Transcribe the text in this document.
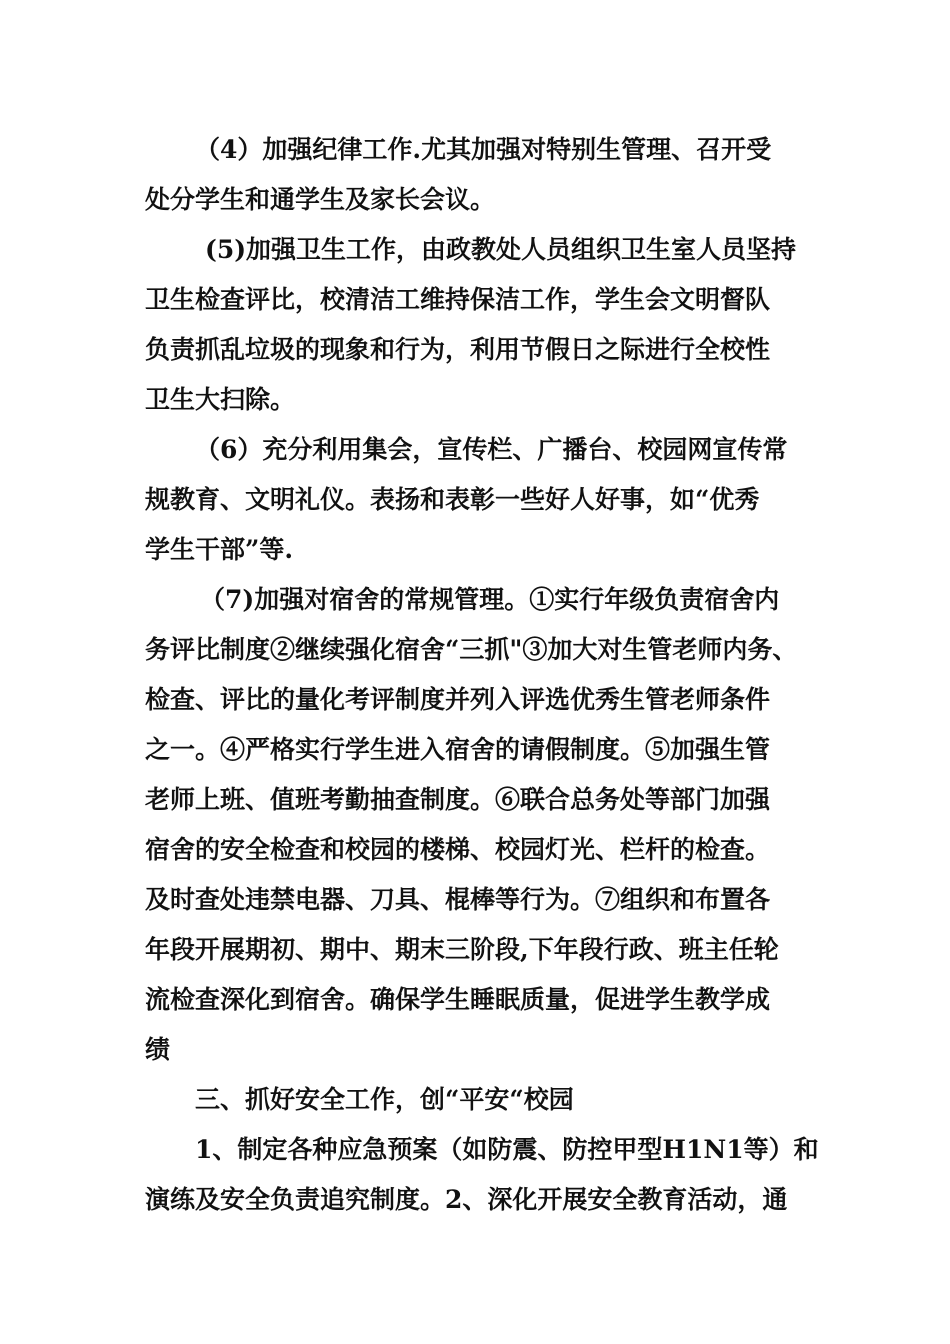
（4）加强纪律工作.尤其加强对特别生管理、召开受
处分学生和通学生及家长会议。
(5)加强卫生工作，由政教处人员组织卫生室人员坚持
卫生检查评比，校清洁工维持保洁工作，学生会文明督队
负责抓乱垃圾的现象和行为，利用节假日之际进行全校性
卫生大扫除。
（6）充分利用集会，宣传栏、广播台、校园网宣传常
规教育、文明礼仪。表扬和表彰一些好人好事，如“优秀
学生干部”等.
（7)加强对宿舍的常规管理。①实行年级负责宿舍内
务评比制度②继续强化宿舍“三抓"③加大对生管老师内务、
检查、评比的量化考评制度并列入评选优秀生管老师条件
之一。④严格实行学生进入宿舍的请假制度。⑤加强生管
老师上班、值班考勤抽查制度。⑥联合总务处等部门加强
宿舍的安全检查和校园的楼梯、校园灯光、栏杆的检查。
及时查处违禁电器、刀具、棍棒等行为。⑦组织和布置各
年段开展期初、期中、期末三阶段,下年段行政、班主任轮
流检查深化到宿舍。确保学生睡眠质量，促进学生教学成
绩
三、抓好安全工作，创“平安“校园
1、制定各种应急预案（如防震、防控甲型H1N1等）和
演练及安全负责追究制度。2、深化开展安全教育活动，通
